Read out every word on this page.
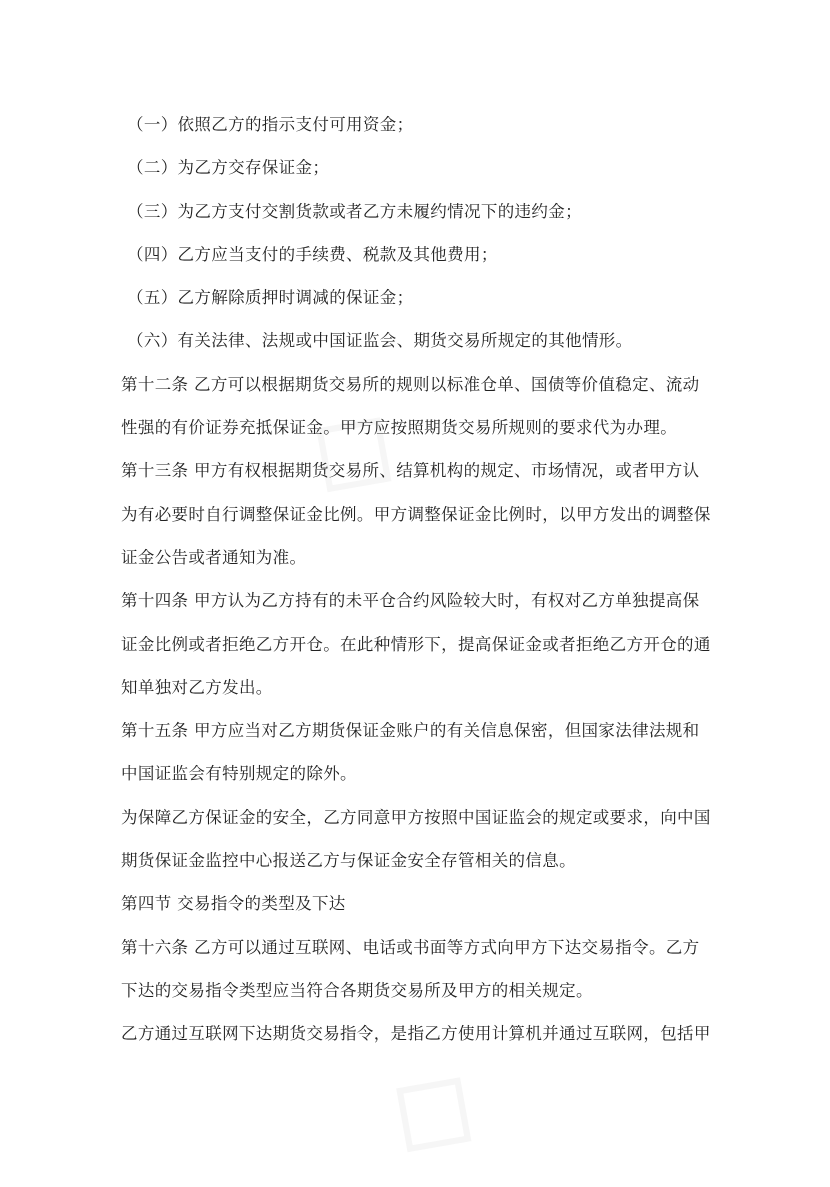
（一）依照乙方的指示支付可用资金；
（二）为乙方交存保证金；
（三）为乙方支付交割货款或者乙方未履约情况下的违约金；
（四）乙方应当支付的手续费、税款及其他费用；
（五）乙方解除质押时调减的保证金；
（六）有关法律、法规或中国证监会、期货交易所规定的其他情形。
第十二条 乙方可以根据期货交易所的规则以标准仓单、国债等价值稳定、流动
性强的有价证券充抵保证金。甲方应按照期货交易所规则的要求代为办理。
第十三条 甲方有权根据期货交易所、结算机构的规定、市场情况，或者甲方认
为有必要时自行调整保证金比例。甲方调整保证金比例时，以甲方发出的调整保
证金公告或者通知为准。
第十四条 甲方认为乙方持有的未平仓合约风险较大时，有权对乙方单独提高保
证金比例或者拒绝乙方开仓。在此种情形下，提高保证金或者拒绝乙方开仓的通
知单独对乙方发出。
第十五条 甲方应当对乙方期货保证金账户的有关信息保密，但国家法律法规和
中国证监会有特别规定的除外。
为保障乙方保证金的安全，乙方同意甲方按照中国证监会的规定或要求，向中国
期货保证金监控中心报送乙方与保证金安全存管相关的信息。
第四节 交易指令的类型及下达
第十六条 乙方可以通过互联网、电话或书面等方式向甲方下达交易指令。乙方
下达的交易指令类型应当符合各期货交易所及甲方的相关规定。
乙方通过互联网下达期货交易指令，是指乙方使用计算机并通过互联网，包括甲
